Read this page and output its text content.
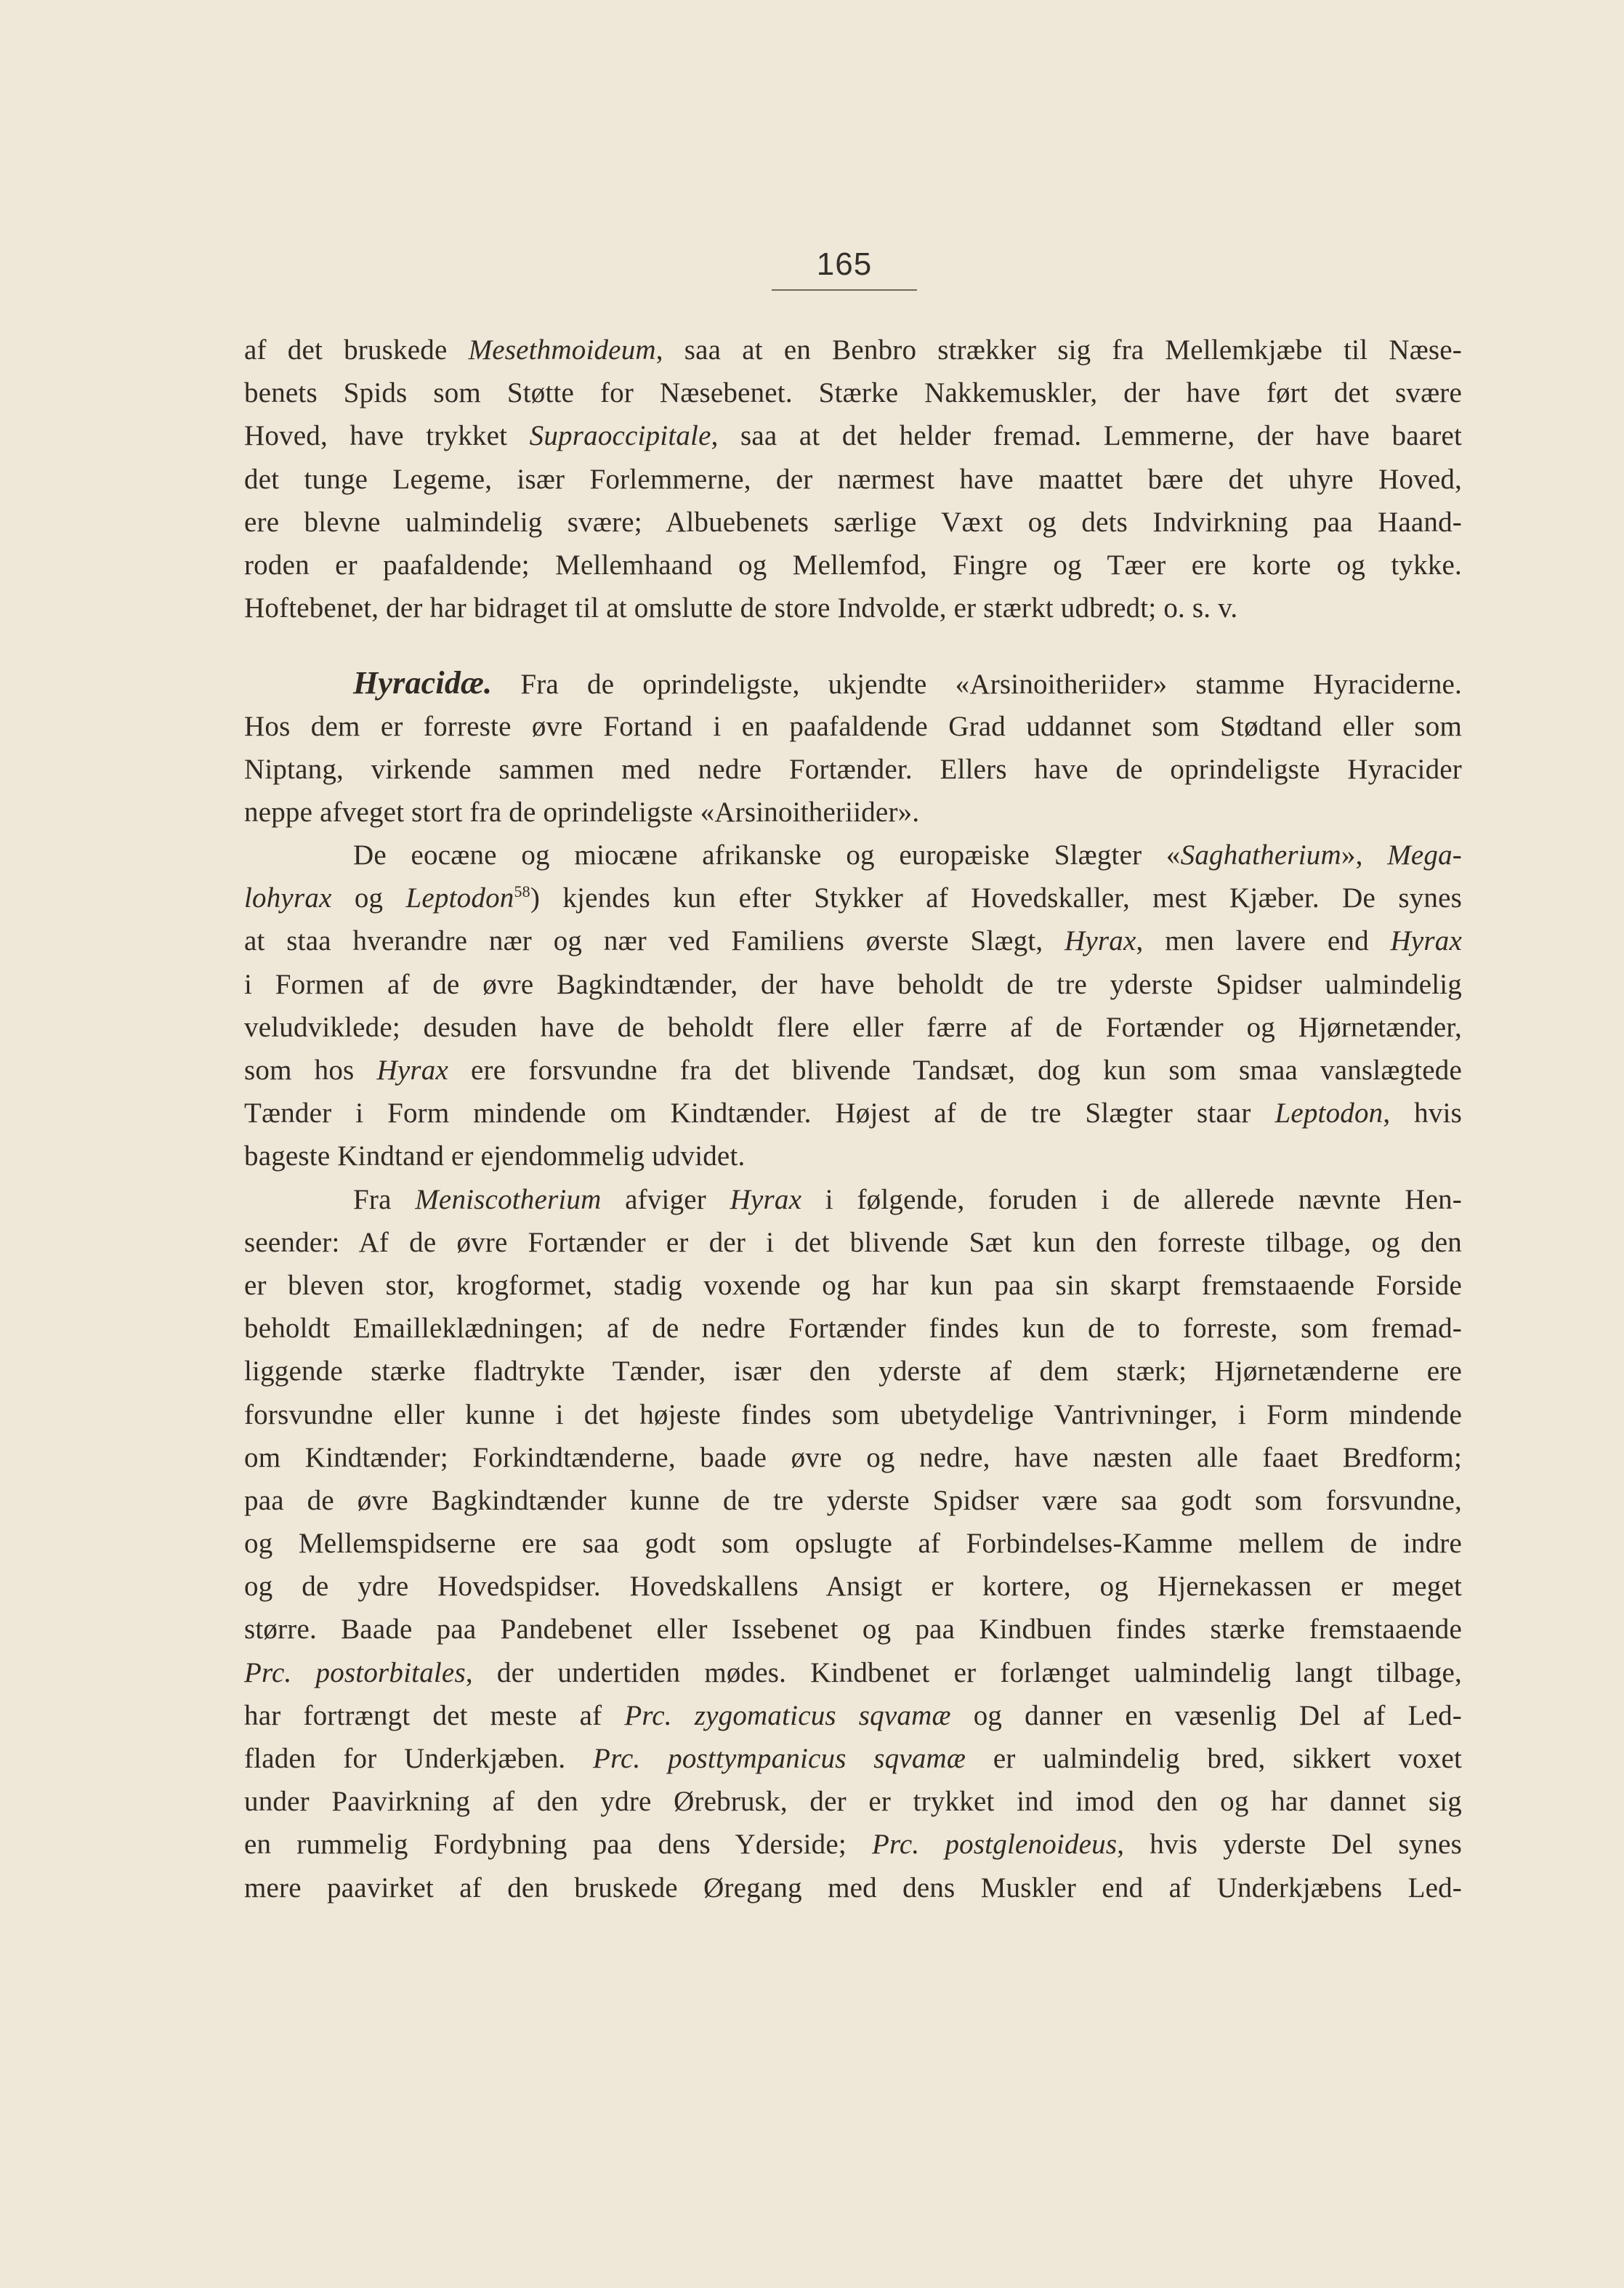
165
af det bruskede Mesethmoideum, saa at en Benbro strækker sig fra Mellemkjæbe til Næse-
benets Spids som Støtte for Næsebenet. Stærke Nakkemuskler, der have ført det svære
Hoved, have trykket Supraoccipitale, saa at det helder fremad. Lemmerne, der have baaret
det tunge Legeme, især Forlemmerne, der nærmest have maattet bære det uhyre Hoved,
ere blevne ualmindelig svære; Albuebenets særlige Væxt og dets Indvirkning paa Haand-
roden er paafaldende; Mellemhaand og Mellemfod, Fingre og Tæer ere korte og tykke.
Hoftebenet, der har bidraget til at omslutte de store Indvolde, er stærkt udbredt; o. s. v.
Hyracidæ. Fra de oprindeligste, ukjendte «Arsinoitheriider» stamme Hyraciderne.
Hos dem er forreste øvre Fortand i en paafaldende Grad uddannet som Stødtand eller som
Niptang, virkende sammen med nedre Fortænder. Ellers have de oprindeligste Hyracider
neppe afveget stort fra de oprindeligste «Arsinoitheriider».
De eocæne og miocæne afrikanske og europæiske Slægter «Saghatherium», Mega-
lohyrax og Leptodon$^{58}$) kjendes kun efter Stykker af Hovedskaller, mest Kjæber. De synes
at staa hverandre nær og nær ved Familiens øverste Slægt, Hyrax, men lavere end Hyrax
i Formen af de øvre Bagkindtænder, der have beholdt de tre yderste Spidser ualmindelig
veludviklede; desuden have de beholdt flere eller færre af de Fortænder og Hjørnetænder,
som hos Hyrax ere forsvundne fra det blivende Tandsæt, dog kun som smaa vanslægtede
Tænder i Form mindende om Kindtænder. Højest af de tre Slægter staar Leptodon, hvis
bageste Kindtand er ejendommelig udvidet.
Fra Meniscotherium afviger Hyrax i følgende, foruden i de allerede nævnte Hen-
seender: Af de øvre Fortænder er der i det blivende Sæt kun den forreste tilbage, og den
er bleven stor, krogformet, stadig voxende og har kun paa sin skarpt fremstaaende Forside
beholdt Emailleklædningen; af de nedre Fortænder findes kun de to forreste, som fremad-
liggende stærke fladtrykte Tænder, især den yderste af dem stærk; Hjørnetænderne ere
forsvundne eller kunne i det højeste findes som ubetydelige Vantrivninger, i Form mindende
om Kindtænder; Forkindtænderne, baade øvre og nedre, have næsten alle faaet Bredform;
paa de øvre Bagkindtænder kunne de tre yderste Spidser være saa godt som forsvundne,
og Mellemspidserne ere saa godt som opslugte af Forbindelses-Kamme mellem de indre
og de ydre Hovedspidser. Hovedskallens Ansigt er kortere, og Hjernekassen er meget
større. Baade paa Pandebenet eller Issebenet og paa Kindbuen findes stærke fremstaaende
Prc. postorbitales, der undertiden mødes. Kindbenet er forlænget ualmindelig langt tilbage,
har fortrængt det meste af Prc. zygomaticus sqvamæ og danner en væsenlig Del af Led-
fladen for Underkjæben. Prc. posttympanicus sqvamæ er ualmindelig bred, sikkert voxet
under Paavirkning af den ydre Ørebrusk, der er trykket ind imod den og har dannet sig
en rummelig Fordybning paa dens Yderside; Prc. postglenoideus, hvis yderste Del synes
mere paavirket af den bruskede Øregang med dens Muskler end af Underkjæbens Led-
